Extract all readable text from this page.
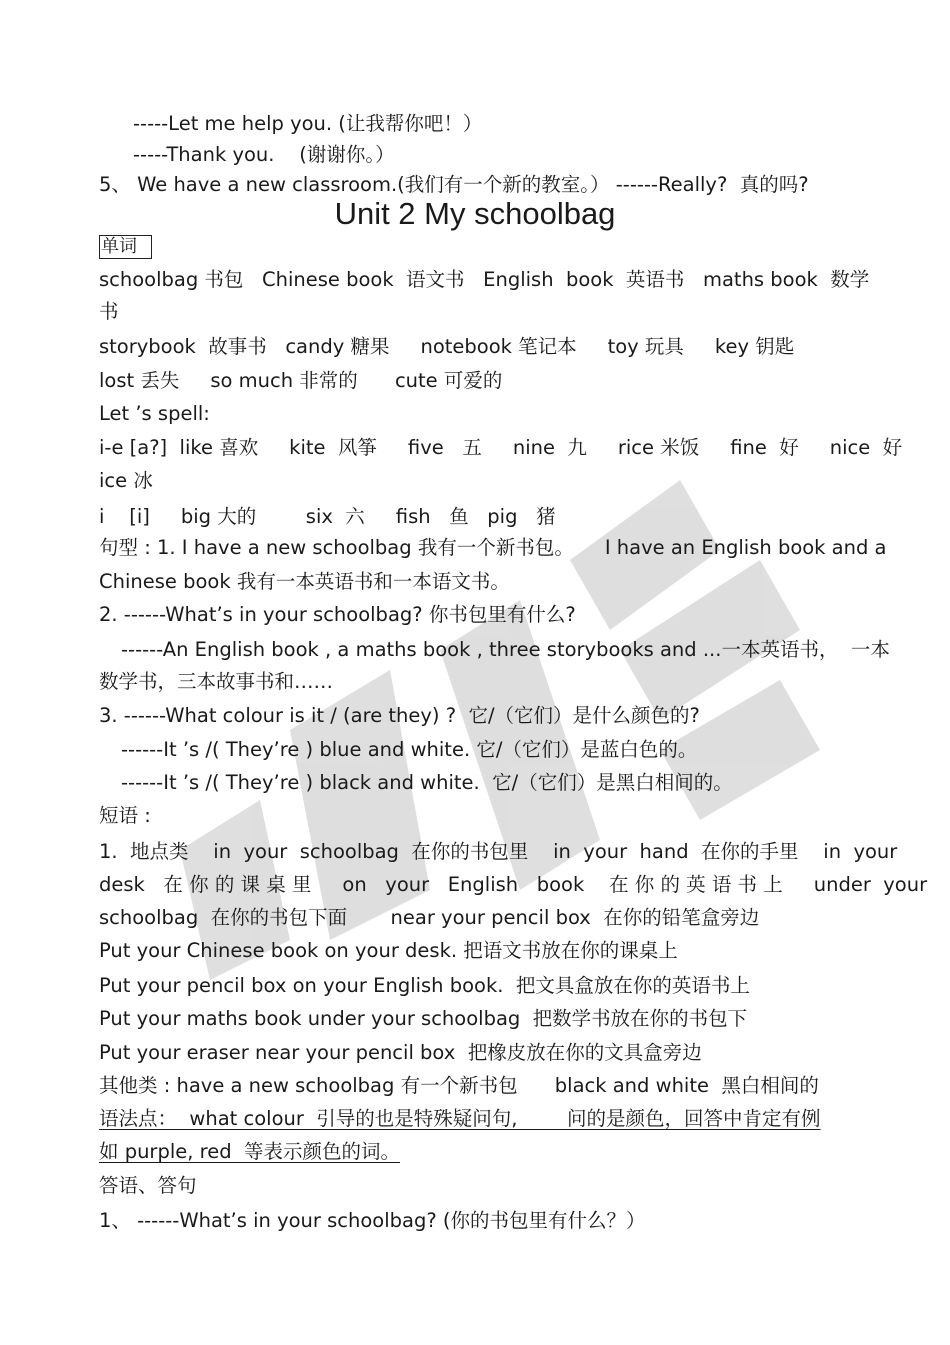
-----Let me help you. (让我帮你吧！）
-----Thank you.    (谢谢你。）
5、 We have a new classroom.(我们有一个新的教室。） ------Really?  真的吗?
Unit 2 My schoolbag
单词
schoolbag 书包   Chinese book  语文书   English  book  英语书   maths book  数学
书
storybook  故事书   candy 糖果     notebook 笔记本     toy 玩具     key 钥匙
lost 丢失     so much 非常的      cute 可爱的
Let ’s spell:
i-e [a?]  like 喜欢     kite  风筝     five   五     nine  九     rice 米饭     fine  好     nice  好
ice 冰
i    [i]     big 大的        six  六     fish   鱼   pig   猪
句型 : 1. I have a new schoolbag 我有一个新书包。     I have an English book and a
Chinese book 我有一本英语书和一本语文书。
2. ------What’s in your schoolbag? 你书包里有什么?
------An English book , a maths book , three storybooks and ...一本英语书，  一本
数学书，三本故事书和……
3. ------What colour is it / (are they) ?  它/（它们）是什么颜色的?
------It ’s /( They’re ) blue and white. 它/（它们）是蓝白色的。
------It ’s /( They’re ) black and white.  它/（它们）是黑白相间的。
短语 :
1.  地点类    in  your  schoolbag  在你的书包里    in  your  hand  在你的手里    in  your
desk   在 你 的 课 桌 里     on   your   English   book    在 你 的 英 语 书 上     under  your
schoolbag  在你的书包下面       near your pencil box  在你的铅笔盒旁边
Put your Chinese book on your desk. 把语文书放在你的课桌上
Put your pencil box on your English book.  把文具盒放在你的英语书上
Put your maths book under your schoolbag  把数学书放在你的书包下
Put your eraser near your pencil box  把橡皮放在你的文具盒旁边
其他类 : have a new schoolbag 有一个新书包      black and white  黑白相间的
语法点：  what colour  引导的也是特殊疑问句,        问的是颜色，回答中肯定有例
如 purple, red  等表示颜色的词。
答语、答句
1、 ------What’s in your schoolbag? (你的书包里有什么？）
